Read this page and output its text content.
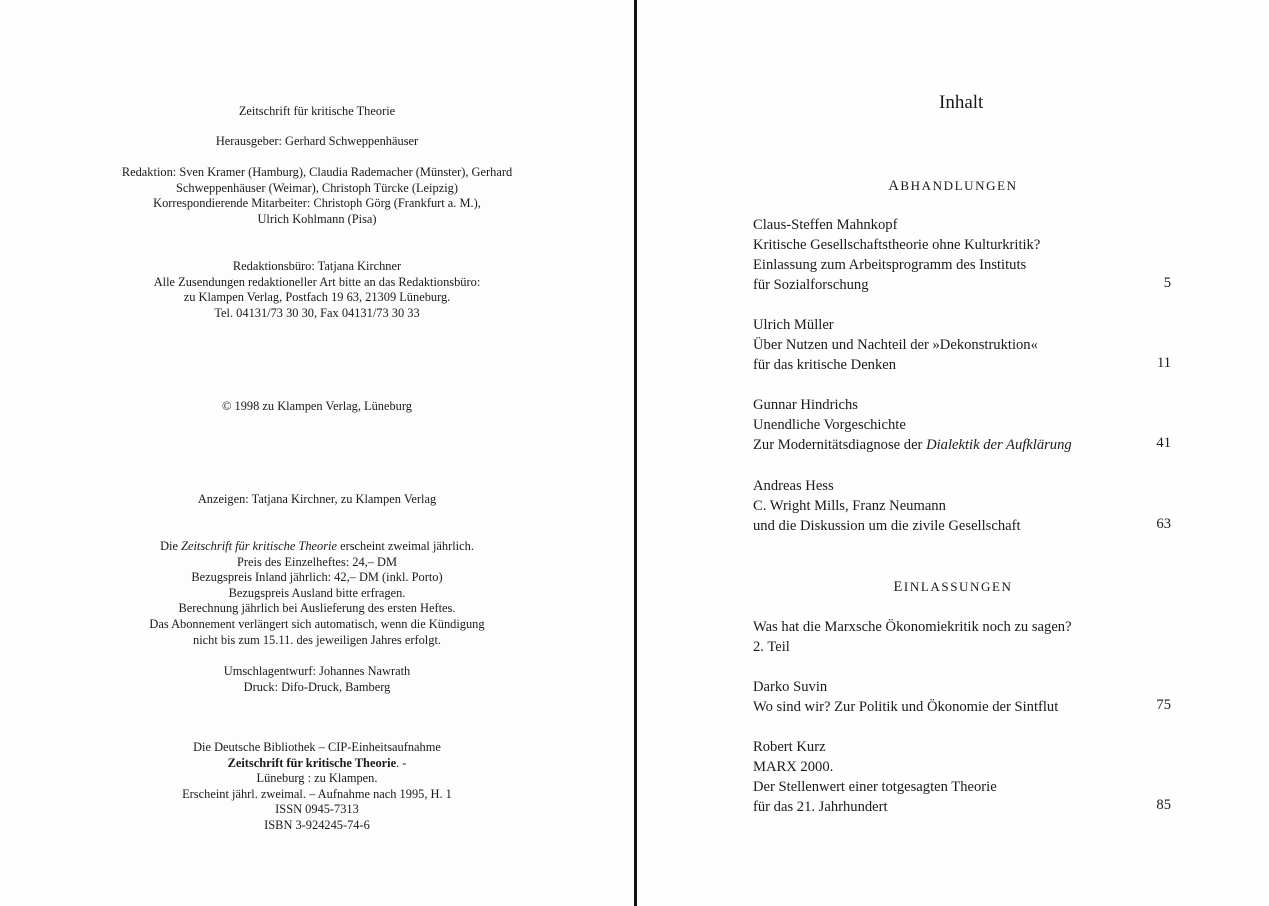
Zeitschrift für kritische Theorie

Herausgeber: Gerhard Schweppenhäuser

Redaktion: Sven Kramer (Hamburg), Claudia Rademacher (Münster), Gerhard

Schweppenhäuser (Weimar), Christoph Türcke (Leipzig)

Korrespondierende Mitarbeiter: Christoph Görg (Frankfurt a. M.),

Ulrich Kohlmann (Pisa)

Redaktionsbüro: Tatjana Kirchner

Alle Zusendungen redaktioneller Art bitte an das Redaktionsbüro:

zu Klampen Verlag, Postfach 19 63, 21309 Lüneburg.

Tel. 04131/73 30 30, Fax 04131/73 30 33

© 1998 zu Klampen Verlag, Lüneburg

Anzeigen: Tatjana Kirchner, zu Klampen Verlag

Die Zeitschrift für kritische Theorie erscheint zweimal jährlich.

Preis des Einzelheftes: 24,– DM

Bezugspreis Inland jährlich: 42,– DM (inkl. Porto)

Bezugspreis Ausland bitte erfragen.

Berechnung jährlich bei Auslieferung des ersten Heftes.

Das Abonnement verlängert sich automatisch, wenn die Kündigung

nicht bis zum 15.11. des jeweiligen Jahres erfolgt.

Umschlagentwurf: Johannes Nawrath

Druck: Difo-Druck, Bamberg

Die Deutsche Bibliothek – CIP-Einheitsaufnahme

Zeitschrift für kritische Theorie. -

Lüneburg : zu Klampen.

Erscheint jährl. zweimal. – Aufnahme nach 1995, H. 1

ISSN 0945-7313

ISBN 3-924245-74-6

Inhalt
ABHANDLUNGEN
Claus-Steffen Mahnkopf
Kritische Gesellschaftstheorie ohne Kulturkritik?
Einlassung zum Arbeitsprogramm des Instituts
für Sozialforschung	5
Ulrich Müller
Über Nutzen und Nachteil der »Dekonstruktion«
für das kritische Denken	11
Gunnar Hindrichs
Unendliche Vorgeschichte
Zur Modernitätsdiagnose der Dialektik der Aufklärung	41
Andreas Hess
C. Wright Mills, Franz Neumann
und die Diskussion um die zivile Gesellschaft	63
EINLASSUNGEN
Was hat die Marxsche Ökonomiekritik noch zu sagen?
2. Teil
Darko Suvin
Wo sind wir? Zur Politik und Ökonomie der Sintflut	75
Robert Kurz
MARX 2000.
Der Stellenwert einer totgesagten Theorie
für das 21. Jahrhundert	85
